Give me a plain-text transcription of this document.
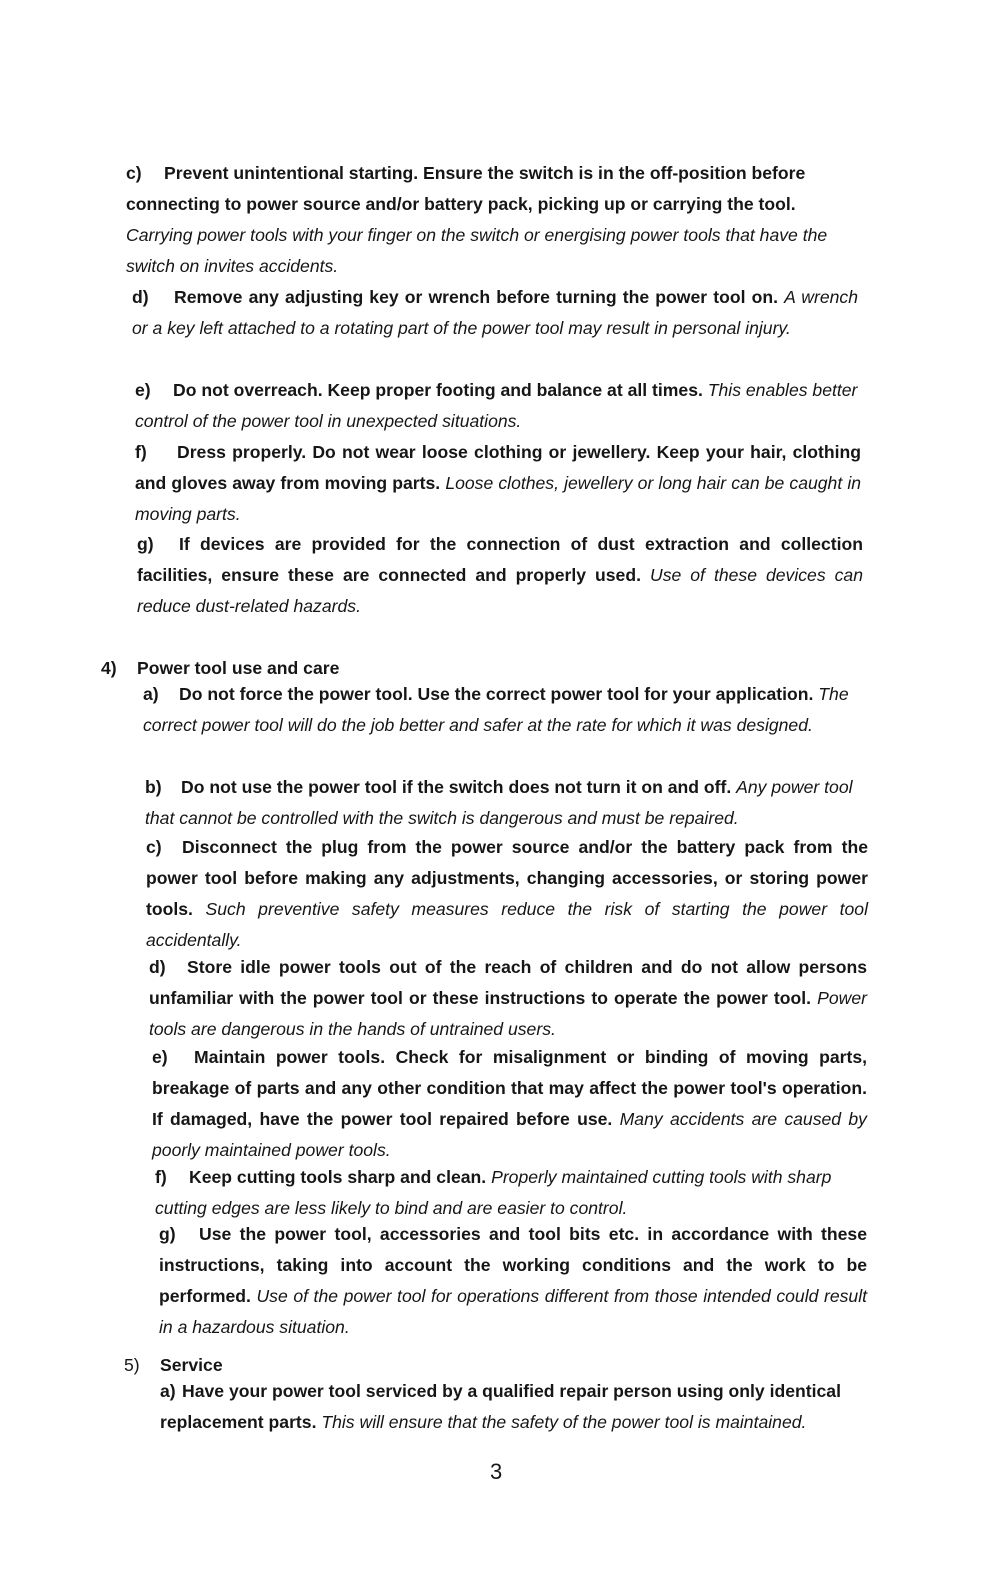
c) Prevent unintentional starting. Ensure the switch is in the off-position before connecting to power source and/or battery pack, picking up or carrying the tool. Carrying power tools with your finger on the switch or energising power tools that have the switch on invites accidents.

d) Remove any adjusting key or wrench before turning the power tool on. A wrench or a key left attached to a rotating part of the power tool may result in personal injury.

e) Do not overreach. Keep proper footing and balance at all times. This enables better control of the power tool in unexpected situations.

f) Dress properly. Do not wear loose clothing or jewellery. Keep your hair, clothing and gloves away from moving parts. Loose clothes, jewellery or long hair can be caught in moving parts.

g) If devices are provided for the connection of dust extraction and collection facilities, ensure these are connected and properly used. Use of these devices can reduce dust-related hazards.

4) Power tool use and care

a) Do not force the power tool. Use the correct power tool for your application. The correct power tool will do the job better and safer at the rate for which it was designed.

b) Do not use the power tool if the switch does not turn it on and off. Any power tool that cannot be controlled with the switch is dangerous and must be repaired.

c) Disconnect the plug from the power source and/or the battery pack from the power tool before making any adjustments, changing accessories, or storing power tools. Such preventive safety measures reduce the risk of starting the power tool accidentally.

d) Store idle power tools out of the reach of children and do not allow persons unfamiliar with the power tool or these instructions to operate the power tool. Power tools are dangerous in the hands of untrained users.

e) Maintain power tools. Check for misalignment or binding of moving parts, breakage of parts and any other condition that may affect the power tool's operation. If damaged, have the power tool repaired before use. Many accidents are caused by poorly maintained power tools.

f) Keep cutting tools sharp and clean. Properly maintained cutting tools with sharp cutting edges are less likely to bind and are easier to control.

g) Use the power tool, accessories and tool bits etc. in accordance with these instructions, taking into account the working conditions and the work to be performed. Use of the power tool for operations different from those intended could result in a hazardous situation.

5) Service

a) Have your power tool serviced by a qualified repair person using only identical replacement parts. This will ensure that the safety of the power tool is maintained.

3
